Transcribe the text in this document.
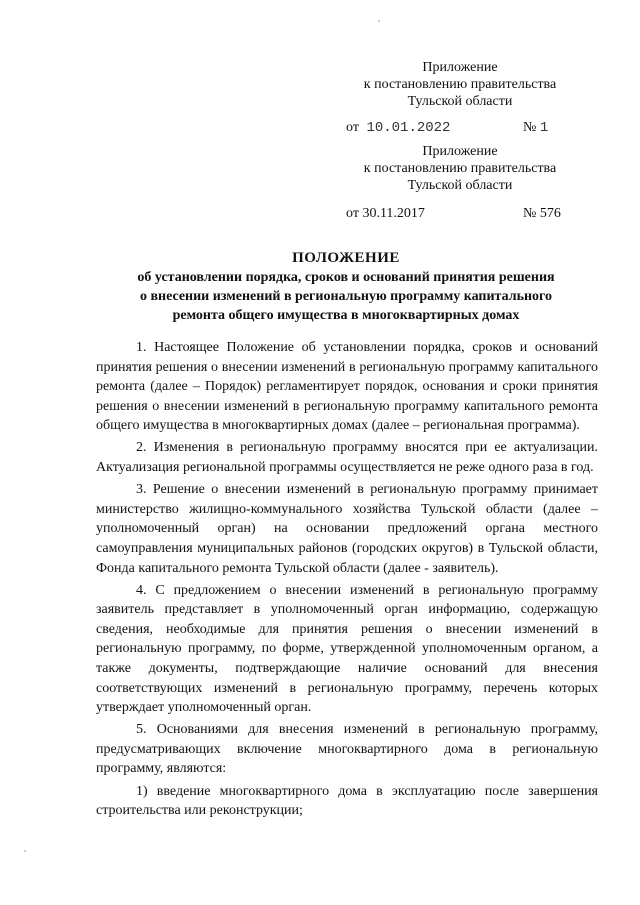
Приложение
к постановлению правительства
Тульской области
от 10.01.2022	№ 1
Приложение
к постановлению правительства
Тульской области
от 30.11.2017	№ 576
ПОЛОЖЕНИЕ
об установлении порядка, сроков и оснований принятия решения
о внесении изменений в региональную программу капитального
ремонта общего имущества в многоквартирных домах

1. Настоящее Положение об установлении порядка, сроков и оснований принятия решения о внесении изменений в региональную программу капитального ремонта (далее – Порядок) регламентирует порядок, основания и сроки принятия решения о внесении изменений в региональную программу капитального ремонта общего имущества в многоквартирных домах (далее – региональная программа).

2. Изменения в региональную программу вносятся при ее актуализации. Актуализация региональной программы осуществляется не реже одного раза в год.

3. Решение о внесении изменений в региональную программу принимает министерство жилищно-коммунального хозяйства Тульской области (далее – уполномоченный орган) на основании предложений органа местного самоуправления муниципальных районов (городских округов) в Тульской области, Фонда капитального ремонта Тульской области (далее - заявитель).

4. С предложением о внесении изменений в региональную программу заявитель представляет в уполномоченный орган информацию, содержащую сведения, необходимые для принятия решения о внесении изменений в региональную программу, по форме, утвержденной уполномоченным органом, а также документы, подтверждающие наличие оснований для внесения соответствующих изменений в региональную программу, перечень которых утверждает уполномоченный орган.

5. Основаниями для внесения изменений в региональную программу, предусматривающих включение многоквартирного дома в региональную программу, являются:

1) введение многоквартирного дома в эксплуатацию после завершения строительства или реконструкции;
